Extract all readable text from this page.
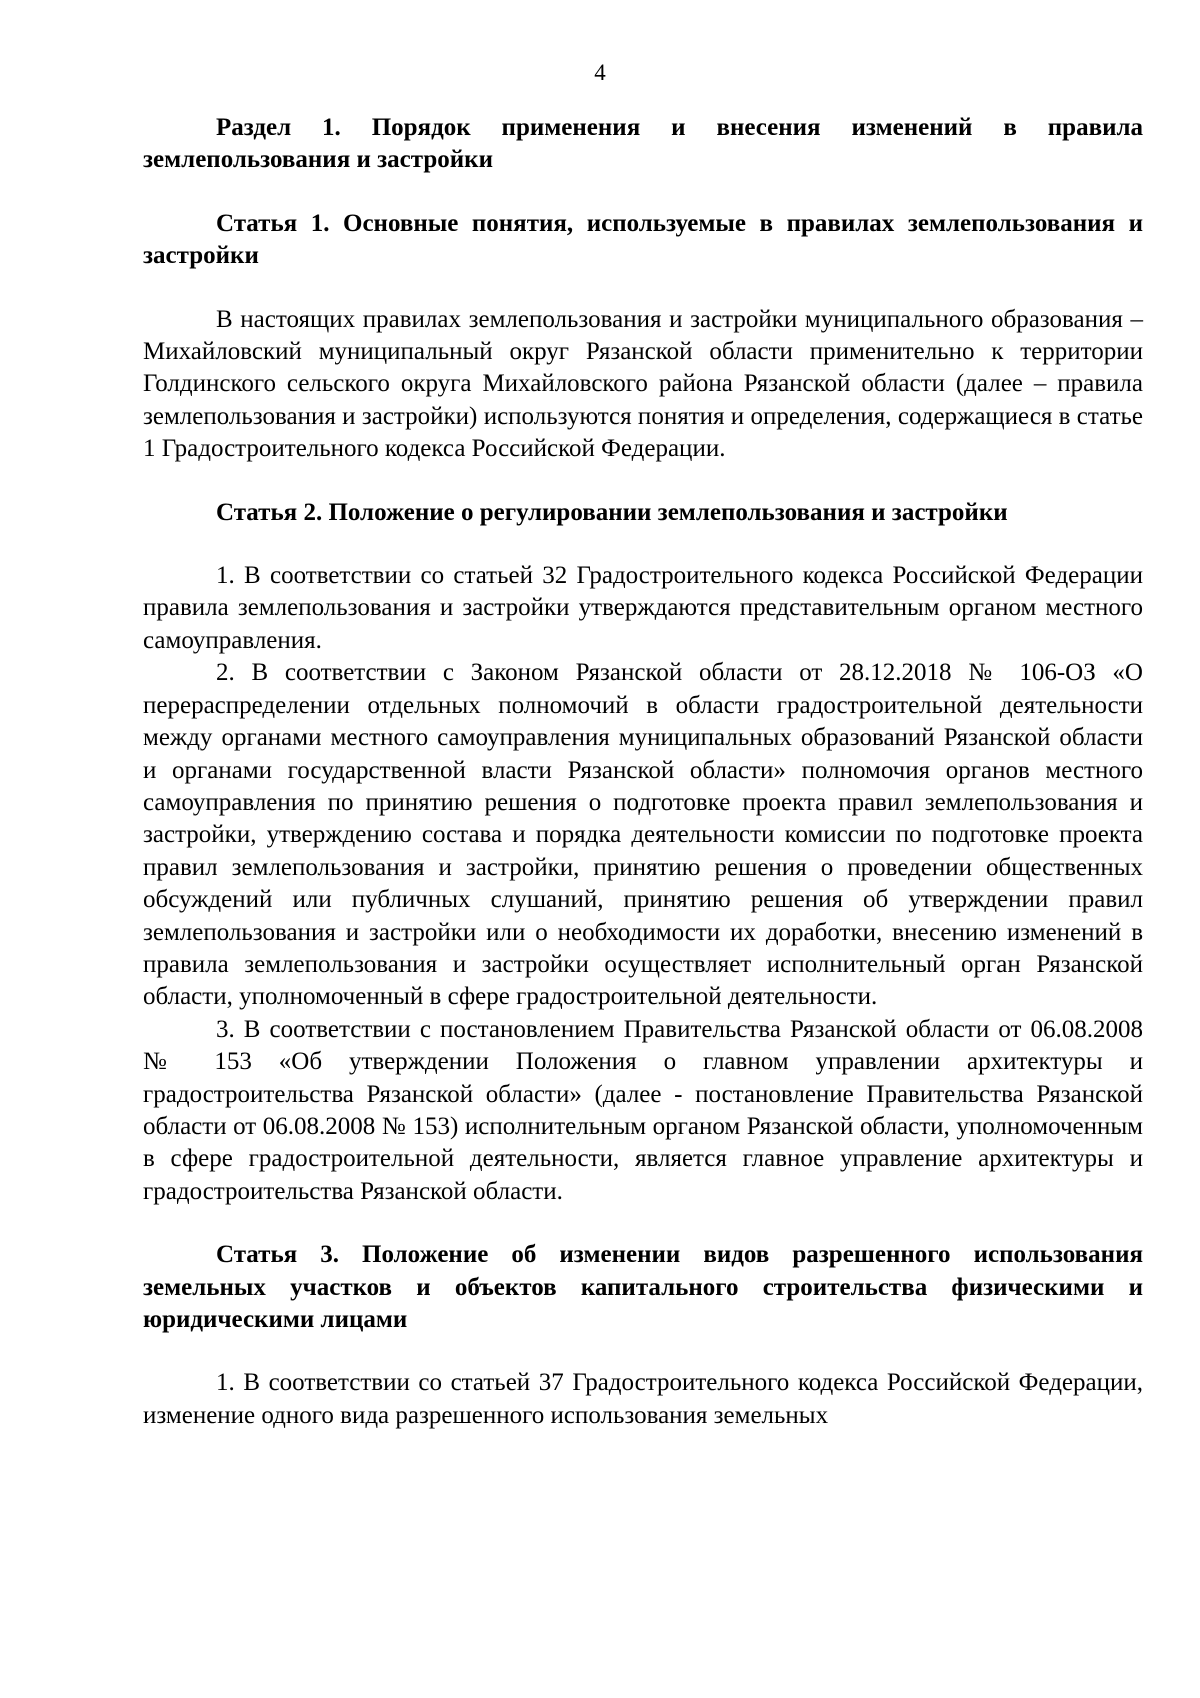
4
Раздел 1. Порядок применения и внесения изменений в правила землепользования и застройки
Статья 1. Основные понятия, используемые в правилах землепользования и застройки

В настоящих правилах землепользования и застройки муниципального образования – Михайловский муниципальный округ Рязанской области применительно к территории Голдинского сельского округа Михайловского района Рязанской области (далее – правила землепользования и застройки) используются понятия и определения, содержащиеся в статье 1 Градостроительного кодекса Российской Федерации.

Статья 2. Положение о регулировании землепользования и застройки

1. В соответствии со статьей 32 Градостроительного кодекса Российской Федерации правила землепользования и застройки утверждаются представительным органом местного самоуправления.

2. В соответствии с Законом Рязанской области от 28.12.2018 № 106-ОЗ «О перераспределении отдельных полномочий в области градостроительной деятельности между органами местного самоуправления муниципальных образований Рязанской области и органами государственной власти Рязанской области» полномочия органов местного самоуправления по принятию решения о подготовке проекта правил землепользования и застройки, утверждению состава и порядка деятельности комиссии по подготовке проекта правил землепользования и застройки, принятию решения о проведении общественных обсуждений или публичных слушаний, принятию решения об утверждении правил землепользования и застройки или о необходимости их доработки, внесению изменений в правила землепользования и застройки осуществляет исполнительный орган Рязанской области, уполномоченный в сфере градостроительной деятельности.

3. В соответствии с постановлением Правительства Рязанской области от 06.08.2008 № 153 «Об утверждении Положения о главном управлении архитектуры и градостроительства Рязанской области» (далее - постановление Правительства Рязанской области от 06.08.2008 № 153) исполнительным органом Рязанской области, уполномоченным в сфере градостроительной деятельности, является главное управление архитектуры и градостроительства Рязанской области.

Статья 3. Положение об изменении видов разрешенного использования земельных участков и объектов капитального строительства физическими и юридическими лицами

1. В соответствии со статьей 37 Градостроительного кодекса Российской Федерации, изменение одного вида разрешенного использования земельных
